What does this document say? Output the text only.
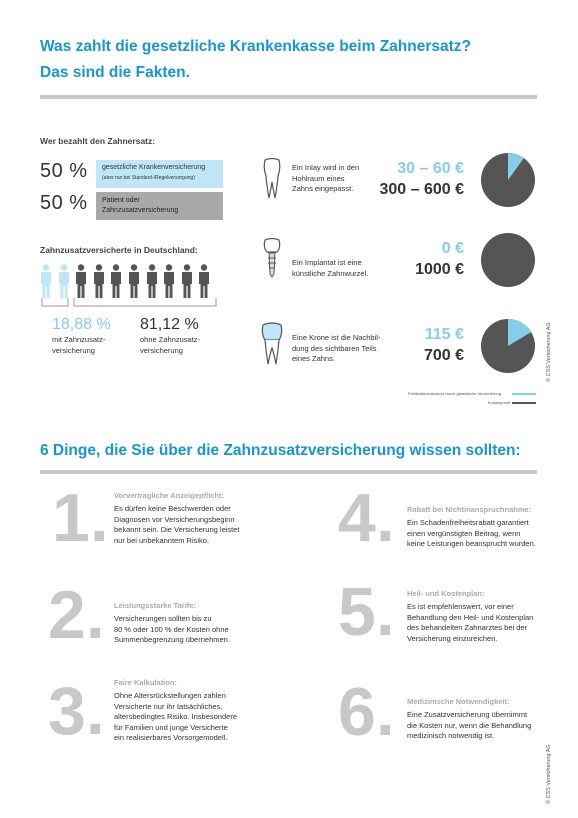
Was zahlt die gesetzliche Krankenkasse beim Zahnersatz?
Das sind die Fakten.
Wer bezahlt den Zahnersatz:
50 %	gesetzliche Krankenversicherung
(aber nur bei Standard-/Regelversorgung)
50 % Patient oder Zahnzusatzversicherung
Zahnzusatzversicherte in Deutschland:
18,88 %
mit Zahnzusatz-
versicherung
81,12 %
ohne Zahnzusatz-
versicherung
Ein Inlay wird in den
Hohlraum eines
Zahns eingepasst.
30 – 60 €
300 – 600 €
Ein Implantat ist eine
künstliche Zahnwurzel.
0 €
1000 €
Eine Krone ist die Nachbil-
dung des sichtbaren Teils
eines Zahns.
115 €
700 €
Festkostenzuschuss durch gesetzliche Versicherung
Kostenpunkt
© CSS Versicherung AG
6 Dinge, die Sie über die Zahnzusatzversicherung wissen sollten:
1. Vorvertragliche Anzeigepflicht:
Es dürfen keine Beschwerden oder
Diagnosen vor Versicherungsbeginn
bekannt sein. Die Versicherung leistet
nur bei unbekanntem Risiko.	4. Rabatt bei Nichtinanspruchnahme:
Ein Schadenfreiheitsrabatt garantiert
einen vergünstigten Beitrag, wenn
keine Leistungen beansprucht wurden.
2. Leistungsstarke Tarife:
Versicherungen sollten bis zu
80 % oder 100 % der Kosten ohne
Summenbegrenzung übernehmen. 5. Heil- und Kostenplan:
Es ist empfehlenswert, vor einer
Behandlung den Heil- und Kostenplan
des behandelten Zahnarztes bei der
Versicherung einzureichen.
3. Faire Kalkulation:
Ohne Altersrückstellungen zahlen
Versicherte nur ihr tatsächliches,
altersbedingtes Risiko. Insbesondere
für Familien und junge Versicherte
ein realisierbares Vorsorgemodell. 6. Medizinische Notwendigkeit:
Eine Zusatzversicherung übernimmt
die Kosten nur, wenn die Behandlung
medizinisch notwendig ist.
© CSS Versicherung AG
